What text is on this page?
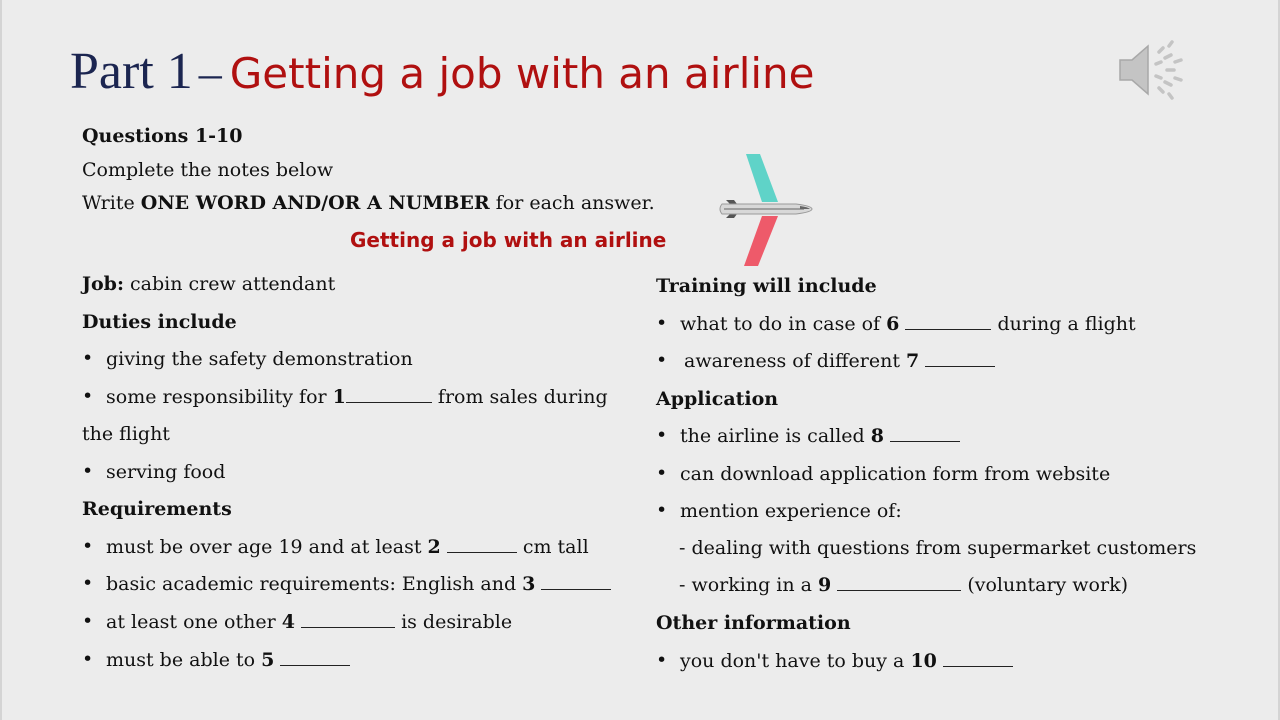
Part 1 – Getting a job with an airline
Questions 1-10
Complete the notes below
Write ONE WORD AND/OR A NUMBER for each answer.
Getting a job with an airline
Job: cabin crew attendant
Duties include
• giving the safety demonstration
• some responsibility for 1	from sales during
the flight
• serving food
Requirements
• must be over age 19 and at least 2	cm tall
• basic academic requirements: English and 3
• at least one other 4	is desirable
• must be able to 5
Training will include
• what to do in case of 6	during a flight
• awareness of different 7
Application
• the airline is called 8
• can download application form from website
• mention experience of:
- dealing with questions from supermarket customers
- working in a 9	(voluntary work)
Other information
• you don't have to buy a 10
